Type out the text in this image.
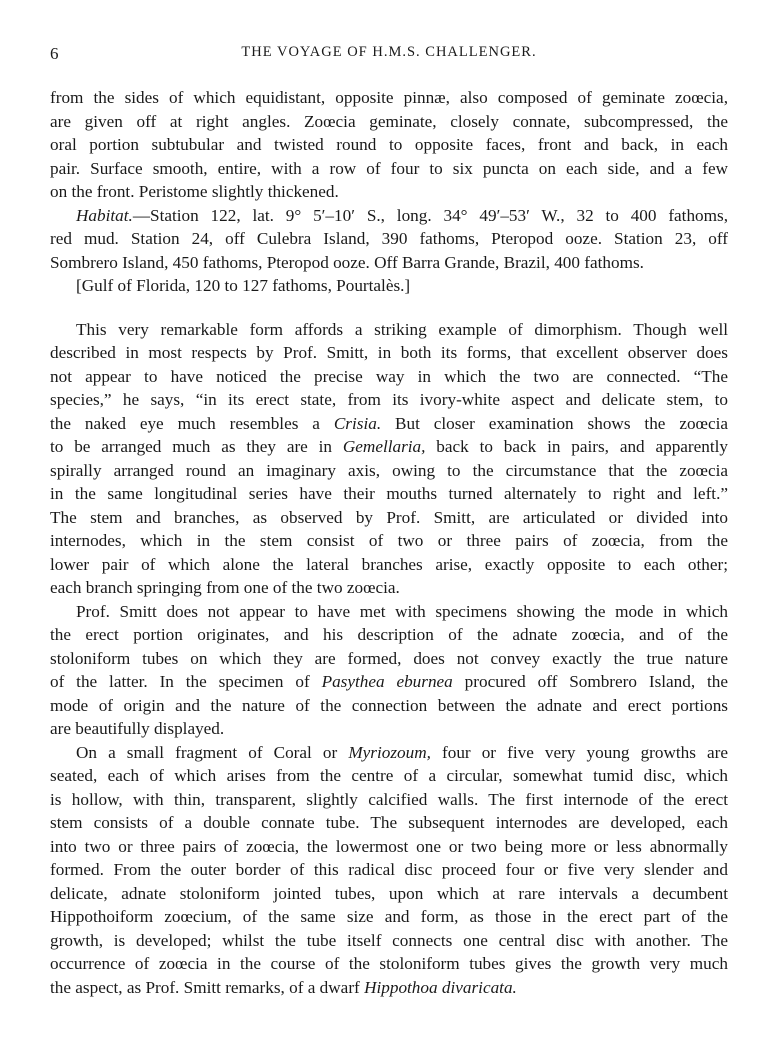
6	THE VOYAGE OF H.M.S. CHALLENGER.
from the sides of which equidistant, opposite pinnæ, also composed of geminate zoœcia,
are given off at right angles. Zoœcia geminate, closely connate, subcompressed, the
oral portion subtubular and twisted round to opposite faces, front and back, in each
pair. Surface smooth, entire, with a row of four to six puncta on each side, and a few
on the front. Peristome slightly thickened.
Habitat.—Station 122, lat. 9° 5′–10′ S., long. 34° 49′–53′ W., 32 to 400 fathoms,
red mud. Station 24, off Culebra Island, 390 fathoms, Pteropod ooze. Station 23, off
Sombrero Island, 450 fathoms, Pteropod ooze. Off Barra Grande, Brazil, 400 fathoms.
[Gulf of Florida, 120 to 127 fathoms, Pourtalès.]
This very remarkable form affords a striking example of dimorphism. Though well
described in most respects by Prof. Smitt, in both its forms, that excellent observer does
not appear to have noticed the precise way in which the two are connected. “The
species,” he says, “in its erect state, from its ivory-white aspect and delicate stem, to
the naked eye much resembles a Crisia. But closer examination shows the zoœcia
to be arranged much as they are in Gemellaria, back to back in pairs, and apparently
spirally arranged round an imaginary axis, owing to the circumstance that the zoœcia
in the same longitudinal series have their mouths turned alternately to right and left.”
The stem and branches, as observed by Prof. Smitt, are articulated or divided into
internodes, which in the stem consist of two or three pairs of zoœcia, from the
lower pair of which alone the lateral branches arise, exactly opposite to each other;
each branch springing from one of the two zoœcia.
Prof. Smitt does not appear to have met with specimens showing the mode in which
the erect portion originates, and his description of the adnate zoœcia, and of the
stoloniform tubes on which they are formed, does not convey exactly the true nature
of the latter. In the specimen of Pasythea eburnea procured off Sombrero Island, the
mode of origin and the nature of the connection between the adnate and erect portions
are beautifully displayed.
On a small fragment of Coral or Myriozoum, four or five very young growths are
seated, each of which arises from the centre of a circular, somewhat tumid disc, which
is hollow, with thin, transparent, slightly calcified walls. The first internode of the erect
stem consists of a double connate tube. The subsequent internodes are developed, each
into two or three pairs of zoœcia, the lowermost one or two being more or less abnormally
formed. From the outer border of this radical disc proceed four or five very slender and
delicate, adnate stoloniform jointed tubes, upon which at rare intervals a decumbent
Hippothoiform zoœcium, of the same size and form, as those in the erect part of the
growth, is developed; whilst the tube itself connects one central disc with another. The
occurrence of zoœcia in the course of the stoloniform tubes gives the growth very much
the aspect, as Prof. Smitt remarks, of a dwarf Hippothoa divaricata.
